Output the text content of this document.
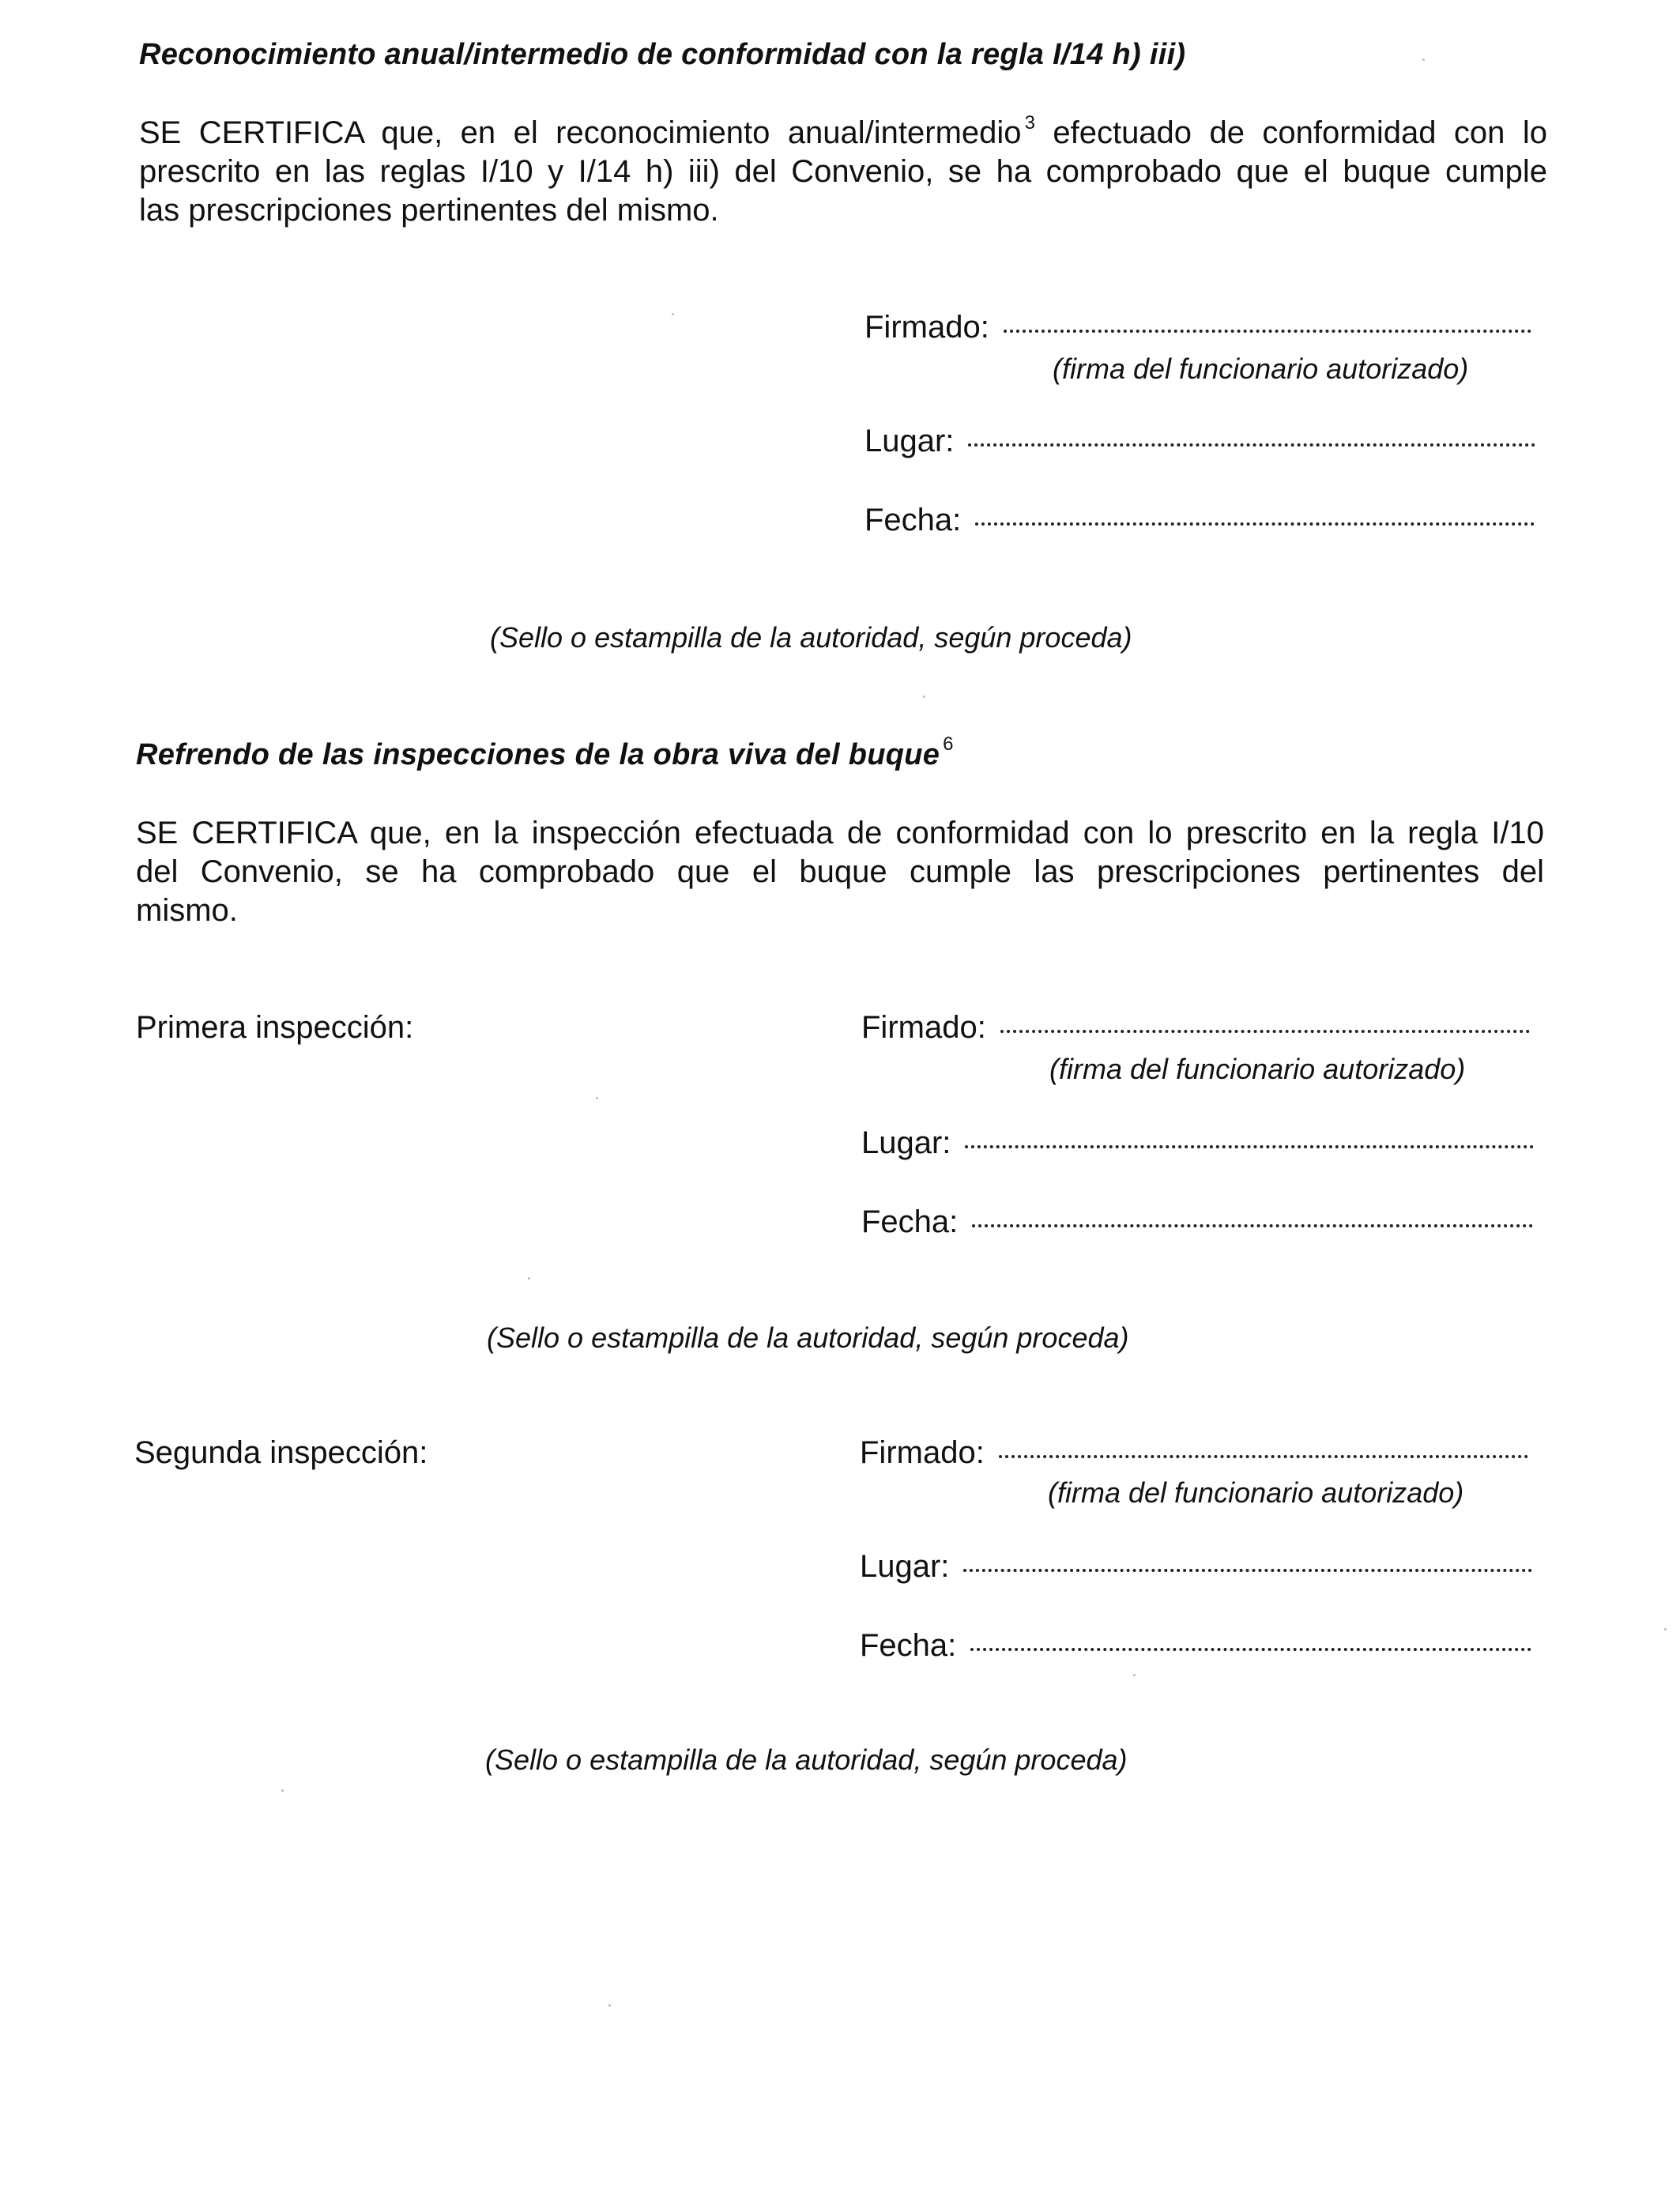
Reconocimiento anual/intermedio de conformidad con la regla I/14 h) iii)
SE CERTIFICA que, en el reconocimiento anual/intermedio $^3$ efectuado de conformidad con lo
prescrito en las reglas I/10 y I/14 h) iii) del Convenio, se ha comprobado que el buque cumple
las prescripciones pertinentes del mismo.
Firmado:
(firma del funcionario autorizado)
Lugar:
Fecha:
(Sello o estampilla de la autoridad, según proceda)
Refrendo de las inspecciones de la obra viva del buque $^6$
SE CERTIFICA que, en la inspección efectuada de conformidad con lo prescrito en la regla I/10
del Convenio, se ha comprobado que el buque cumple las prescripciones pertinentes del
mismo.
Primera inspección:	Firmado:
(firma del funcionario autorizado)
Lugar:
Fecha:
(Sello o estampilla de la autoridad, según proceda)
Segunda inspección:	Firmado:
(firma del funcionario autorizado)
Lugar:
Fecha:
(Sello o estampilla de la autoridad, según proceda)
